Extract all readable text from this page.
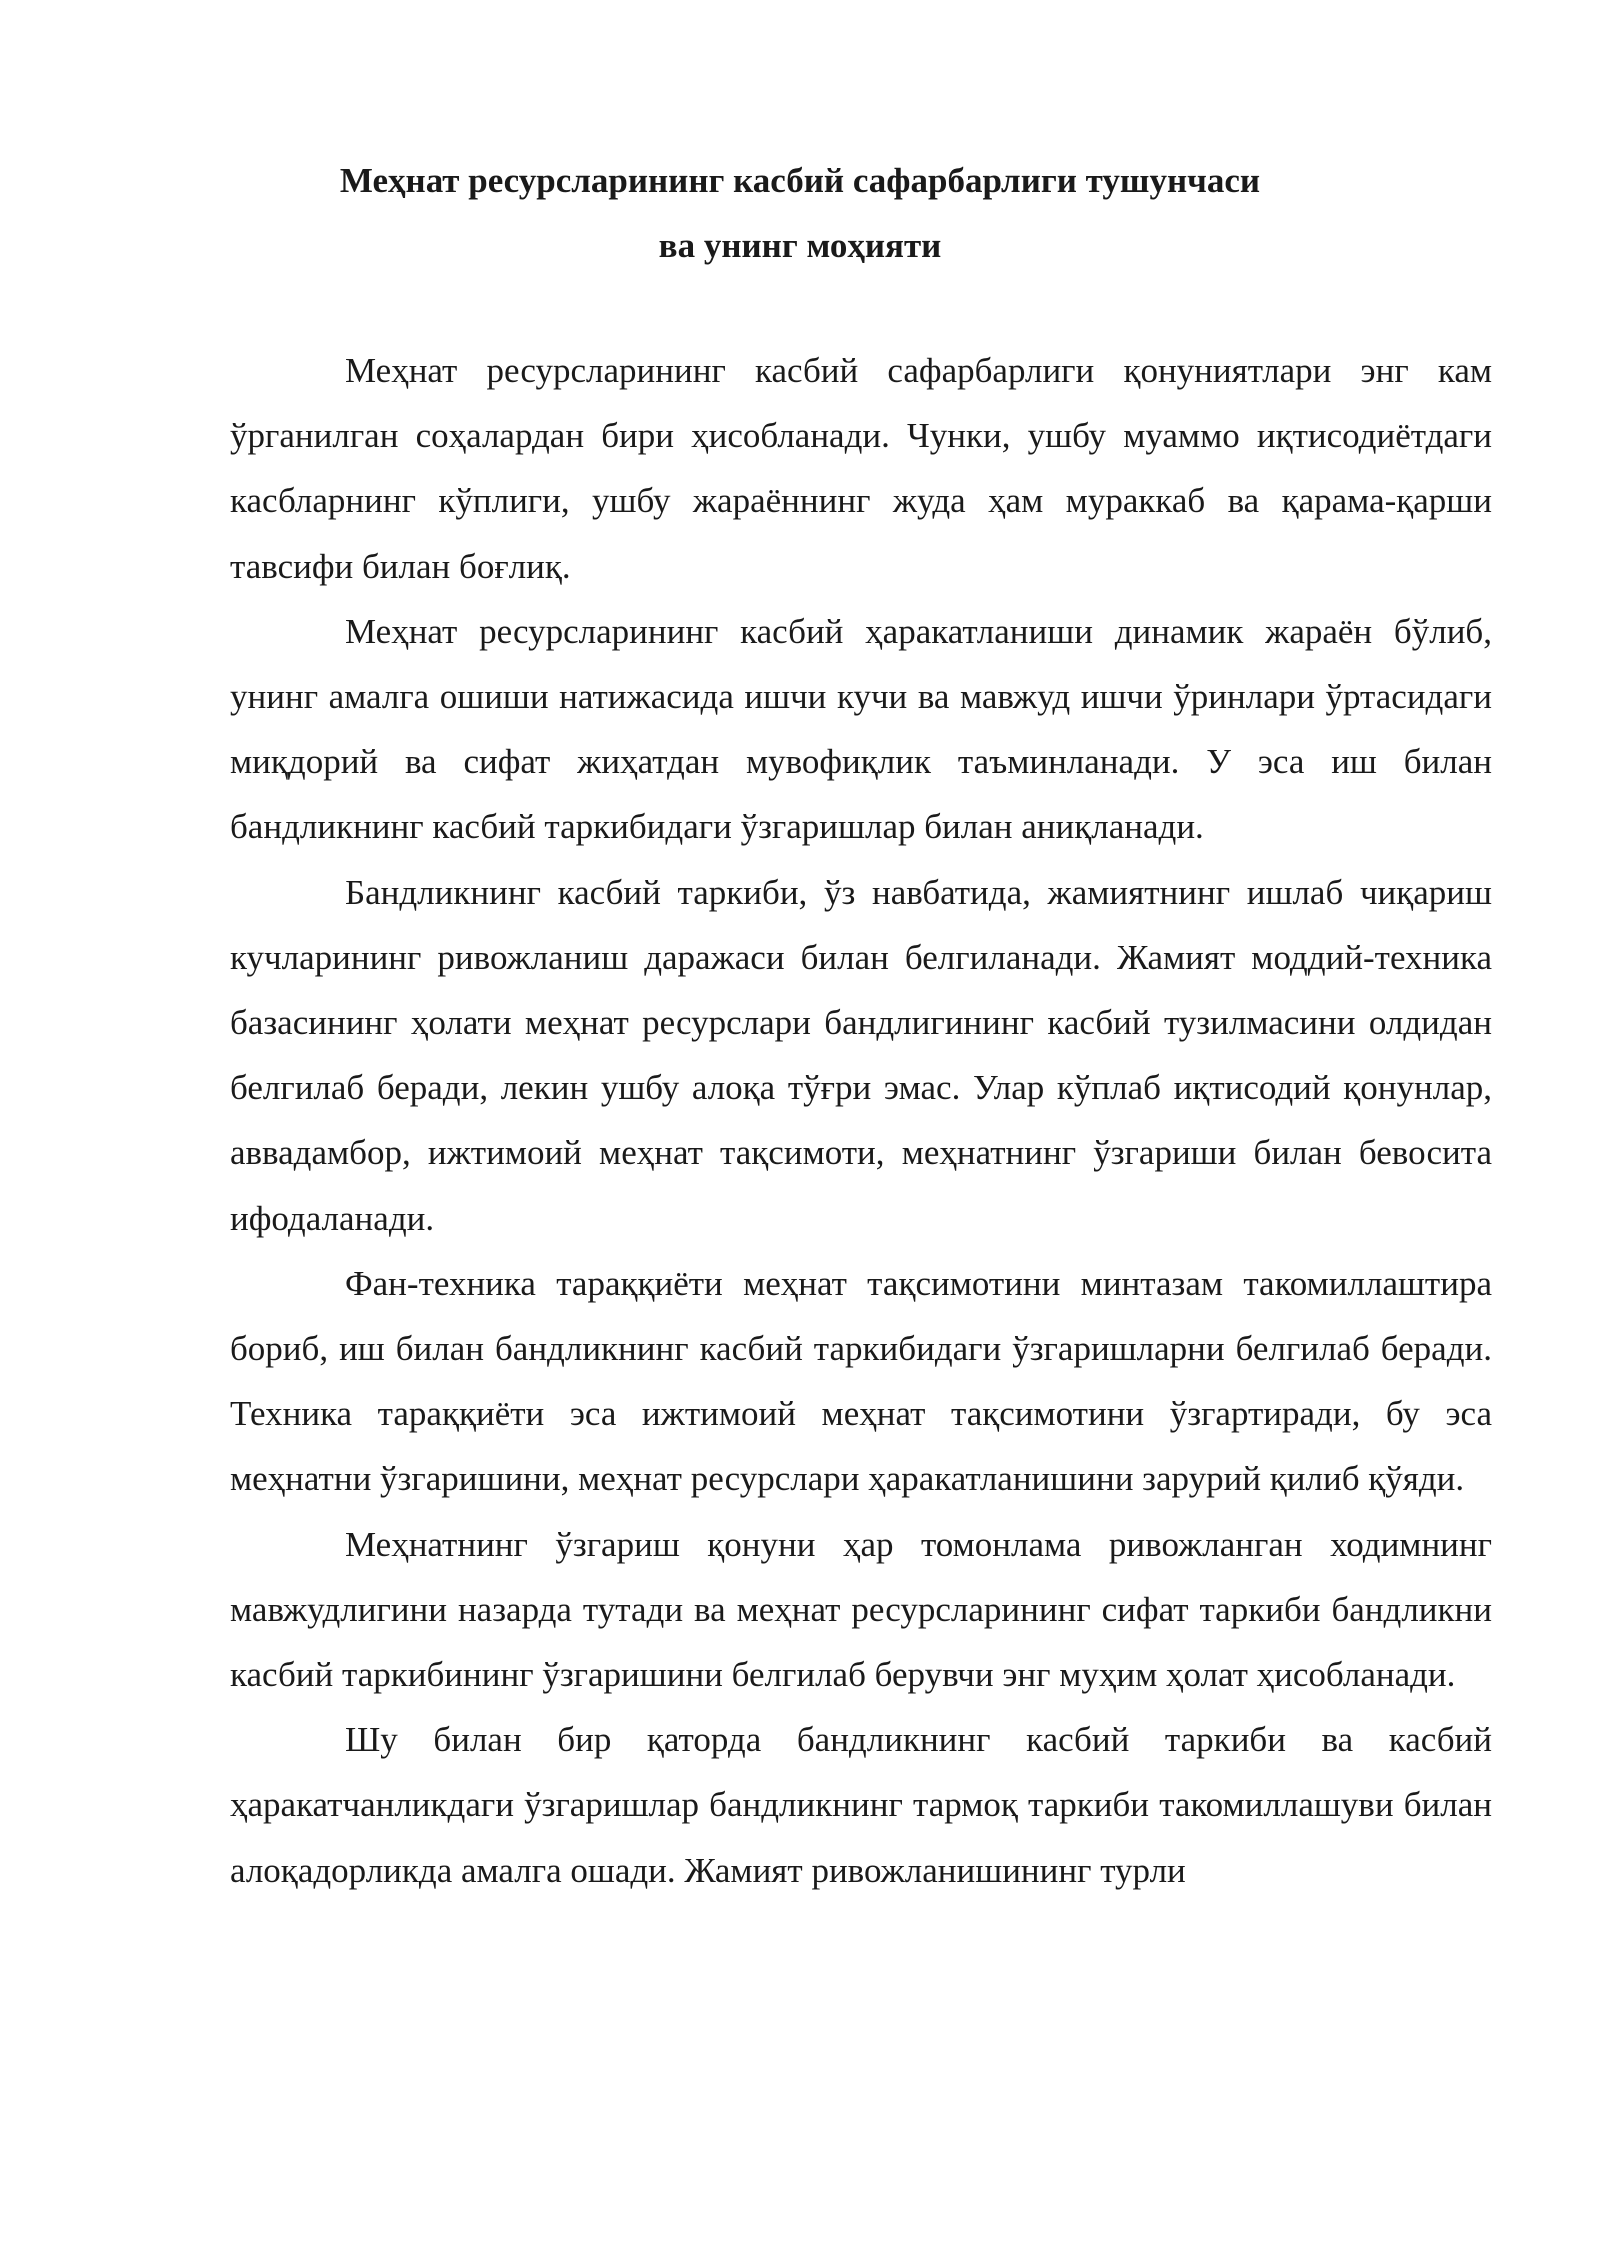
Меҳнат ресурсларининг касбий сафарбарлиги тушунчаси
ва унинг моҳияти

Меҳнат ресурсларининг касбий сафарбарлиги қонуниятлари энг кам ўрганилган соҳалардан бири ҳисобланади. Чунки, ушбу муаммо иқтисодиётдаги касбларнинг кўплиги, ушбу жараённинг жуда ҳам мураккаб ва қарама-қарши тавсифи билан боғлиқ.

Меҳнат ресурсларининг касбий ҳаракатланиши динамик жараён бўлиб, унинг амалга ошиши натижасида ишчи кучи ва мавжуд ишчи ўринлари ўртасидаги миқдорий ва сифат жиҳатдан мувофиқлик таъминланади. У эса иш билан бандликнинг касбий таркибидаги ўзгаришлар билан аниқланади.

Бандликнинг касбий таркиби, ўз навбатида, жамиятнинг ишлаб чиқариш кучларининг ривожланиш даражаси билан белгиланади. Жамият моддий-техника базасининг ҳолати меҳнат ресурслари бандлигининг касбий тузилмасини олдидан белгилаб беради, лекин ушбу алоқа тўғри эмас. Улар кўплаб иқтисодий қонунлар, аввадамбор, ижтимоий меҳнат тақсимоти, меҳнатнинг ўзгариши билан бевосита ифодаланади.

Фан-техника тараққиёти меҳнат тақсимотини минтазам такомиллаштира бориб, иш билан бандликнинг касбий таркибидаги ўзгаришларни белгилаб беради. Техника тараққиёти эса ижтимоий меҳнат тақсимотини ўзгартиради, бу эса меҳнатни ўзгаришини, меҳнат ресурслари ҳаракатланишини зарурий қилиб қўяди.

Меҳнатнинг ўзгариш қонуни ҳар томонлама ривожланган ходимнинг мавжудлигини назарда тутади ва меҳнат ресурсларининг сифат таркиби бандликни касбий таркибининг ўзгаришини белгилаб берувчи энг муҳим ҳолат ҳисобланади.

Шу билан бир қаторда бандликнинг касбий таркиби ва касбий ҳаракатчанликдаги ўзгаришлар бандликнинг тармоқ таркиби такомиллашуви билан алоқадорликда амалга ошади. Жамият ривожланишининг турли
